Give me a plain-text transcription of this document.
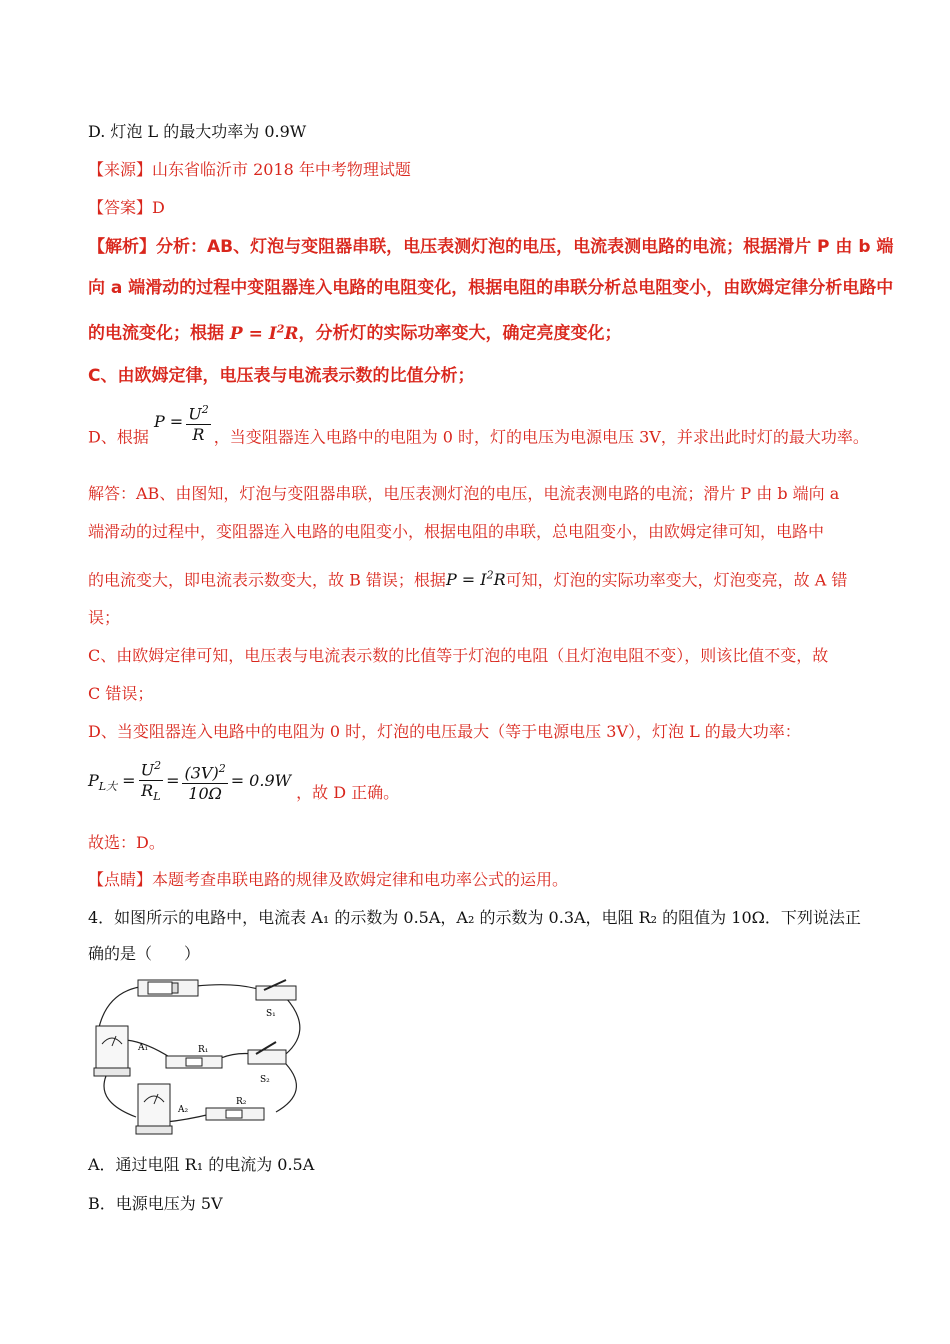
D. 灯泡 L 的最大功率为 0.9W
【来源】山东省临沂市 2018 年中考物理试题
【答案】D
【解析】分析：AB、灯泡与变阻器串联，电压表测灯泡的电压，电流表测电路的电流；根据滑片 P 由 b 端
向 a 端滑动的过程中变阻器连入电路的电阻变化，根据电阻的串联分析总电阻变小，由欧姆定律分析电路中
的电流变化；根据 $P = I^2R$，分析灯的实际功率变大，确定亮度变化；
C、由欧姆定律，电压表与电流表示数的比值分析；
D、根据 $P = \frac{U^2}{R}$ ，当变阻器连入电路中的电阻为 0 时，灯的电压为电源电压 3V，并求出此时灯的最大功率。
解答：AB、由图知，灯泡与变阻器串联，电压表测灯泡的电压，电流表测电路的电流；滑片 P 由 b 端向 a
端滑动的过程中，变阻器连入电路的电阻变小，根据电阻的串联，总电阻变小，由欧姆定律可知，电路中
的电流变大，即电流表示数变大，故 B 错误；根据$P = I^2R$可知，灯泡的实际功率变大，灯泡变亮，故 A 错
误；
C、由欧姆定律可知，电压表与电流表示数的比值等于灯泡的电阻（且灯泡电阻不变），则该比值不变，故
C 错误；
D、当变阻器连入电路中的电阻为 0 时，灯泡的电压最大（等于电源电压 3V），灯泡 L 的最大功率：
$P_{L大} = \frac{U^2}{R_L} = \frac{(3V)^2}{10\Omega} = 0.9W$ ，故 D 正确。
故选：D。
【点睛】本题考查串联电路的规律及欧姆定律和电功率公式的运用。
4．如图所示的电路中，电流表 A₁ 的示数为 0.5A，A₂ 的示数为 0.3A，电阻 R₂ 的阻值为 10Ω．下列说法正
确的是（　　）
S₁
A₁	R₁
S₂
A₂
R₂
A．通过电阻 R₁ 的电流为 0.5A
B．电源电压为 5V
